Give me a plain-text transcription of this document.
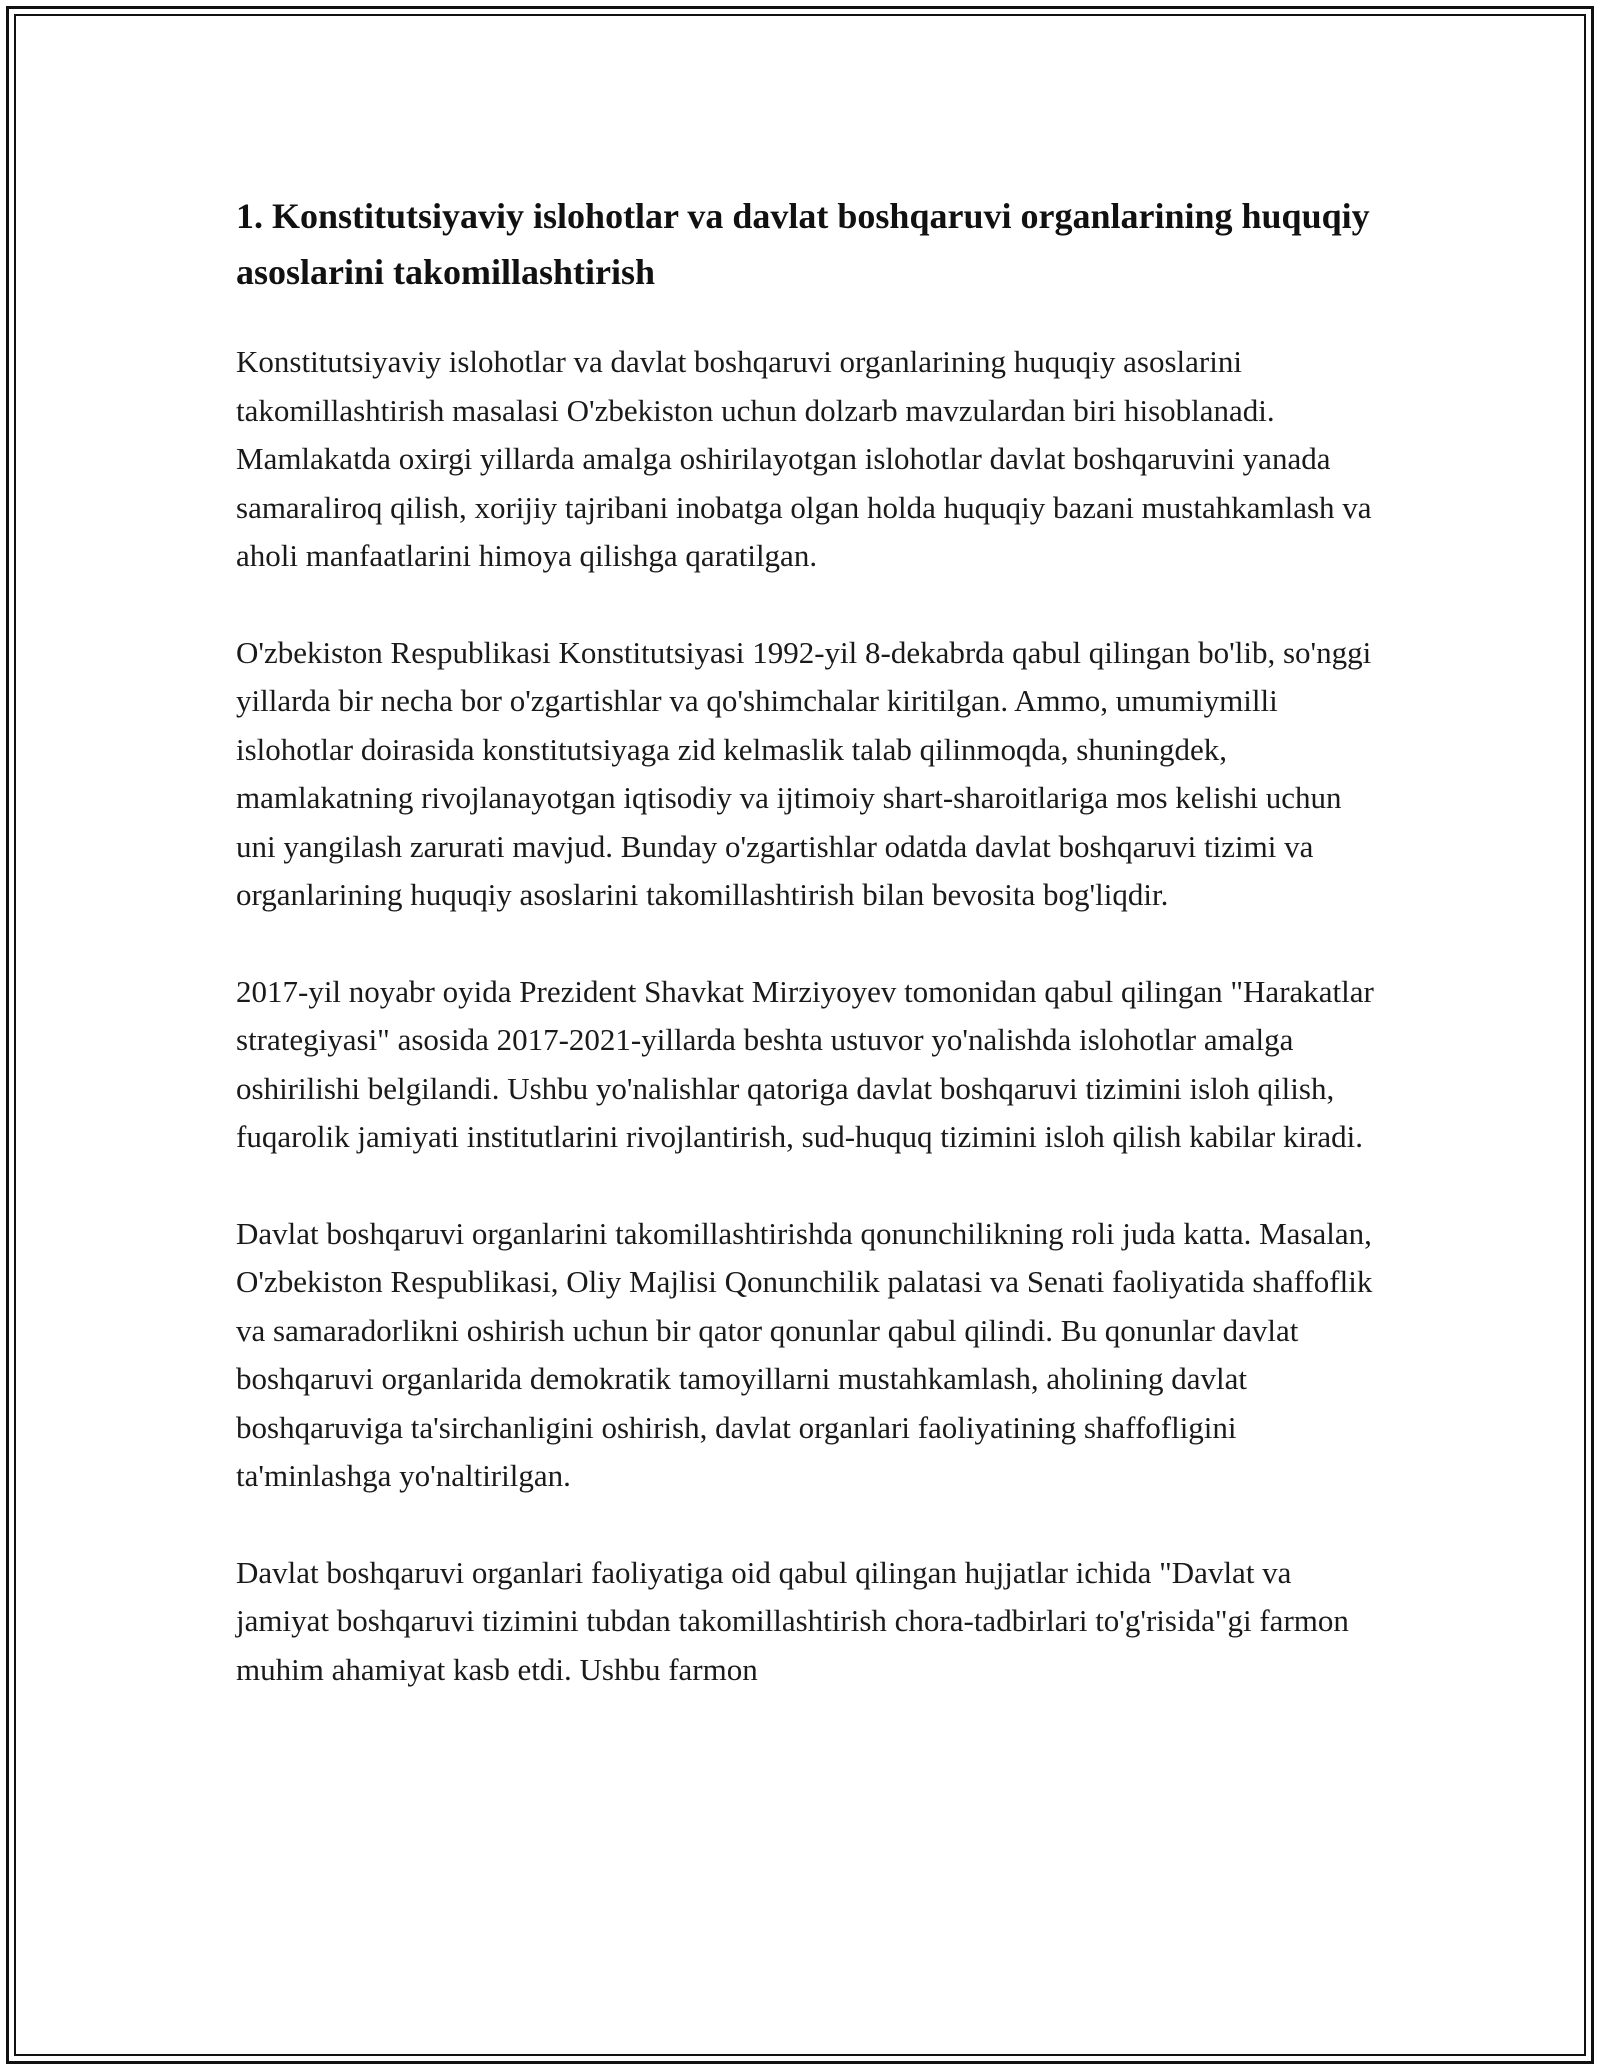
1. Konstitutsiyaviy islohotlar va davlat boshqaruvi organlarining huquqiy asoslarini takomillashtirish

Konstitutsiyaviy islohotlar va davlat boshqaruvi organlarining huquqiy asoslarini takomillashtirish masalasi O'zbekiston uchun dolzarb mavzulardan biri hisoblanadi. Mamlakatda oxirgi yillarda amalga oshirilayotgan islohotlar davlat boshqaruvini yanada samaraliroq qilish, xorijiy tajribani inobatga olgan holda huquqiy bazani mustahkamlash va aholi manfaatlarini himoya qilishga qaratilgan.

O'zbekiston Respublikasi Konstitutsiyasi 1992-yil 8-dekabrda qabul qilingan bo'lib, so'nggi yillarda bir necha bor o'zgartishlar va qo'shimchalar kiritilgan. Ammo, umumiymilli islohotlar doirasida konstitutsiyaga zid kelmaslik talab qilinmoqda, shuningdek, mamlakatning rivojlanayotgan iqtisodiy va ijtimoiy shart-sharoitlariga mos kelishi uchun uni yangilash zarurati mavjud. Bunday o'zgartishlar odatda davlat boshqaruvi tizimi va organlarining huquqiy asoslarini takomillashtirish bilan bevosita bog'liqdir.

2017-yil noyabr oyida Prezident Shavkat Mirziyoyev tomonidan qabul qilingan "Harakatlar strategiyasi" asosida 2017-2021-yillarda beshta ustuvor yo'nalishda islohotlar amalga oshirilishi belgilandi. Ushbu yo'nalishlar qatoriga davlat boshqaruvi tizimini isloh qilish, fuqarolik jamiyati institutlarini rivojlantirish, sud-huquq tizimini isloh qilish kabilar kiradi.

Davlat boshqaruvi organlarini takomillashtirishda qonunchilikning roli juda katta. Masalan, O'zbekiston Respublikasi, Oliy Majlisi Qonunchilik palatasi va Senati faoliyatida shaffoflik va samaradorlikni oshirish uchun bir qator qonunlar qabul qilindi. Bu qonunlar davlat boshqaruvi organlarida demokratik tamoyillarni mustahkamlash, aholining davlat boshqaruviga ta'sirchanligini oshirish, davlat organlari faoliyatining shaffofligini ta'minlashga yo'naltirilgan.

Davlat boshqaruvi organlari faoliyatiga oid qabul qilingan hujjatlar ichida "Davlat va jamiyat boshqaruvi tizimini tubdan takomillashtirish chora-tadbirlari to'g'risida"gi farmon muhim ahamiyat kasb etdi. Ushbu farmon
